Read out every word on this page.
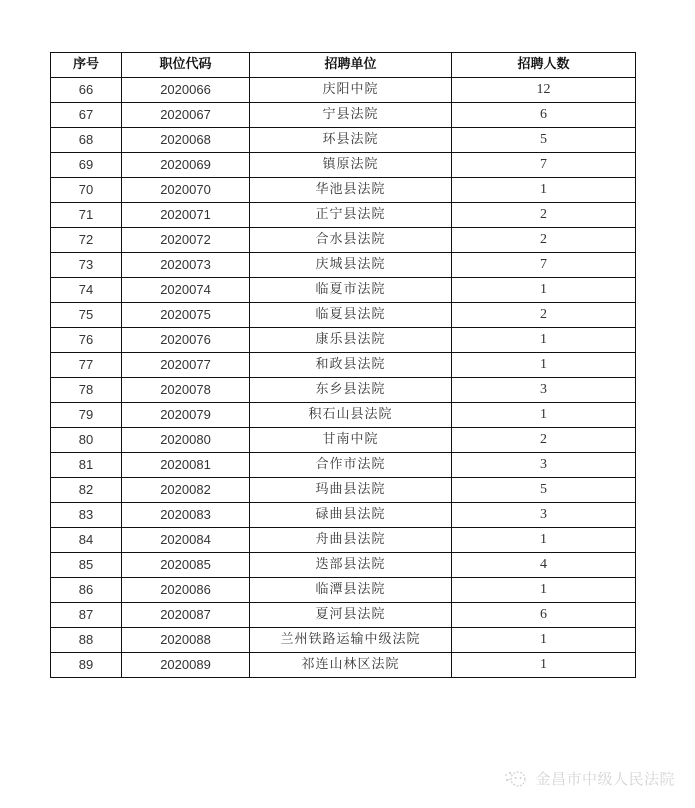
序号	职位代码	招聘单位	招聘人数
66	2020066	庆阳中院	12
67	2020067	宁县法院	6
68	2020068	环县法院	5
69	2020069	镇原法院	7
70	2020070	华池县法院	1
71	2020071	正宁县法院	2
72	2020072	合水县法院	2
73	2020073	庆城县法院	7
74	2020074	临夏市法院	1
75	2020075	临夏县法院	2
76	2020076	康乐县法院	1
77	2020077	和政县法院	1
78	2020078	东乡县法院	3
79	2020079	积石山县法院	1
80	2020080	甘南中院	2
81	2020081	合作市法院	3
82	2020082	玛曲县法院	5
83	2020083	碌曲县法院	3
84	2020084	舟曲县法院	1
85	2020085	迭部县法院	4
86	2020086	临潭县法院	1
87	2020087	夏河县法院	6
88	2020088	兰州铁路运输中级法院	1
89	2020089	祁连山林区法院	1
金昌市中级人民法院
